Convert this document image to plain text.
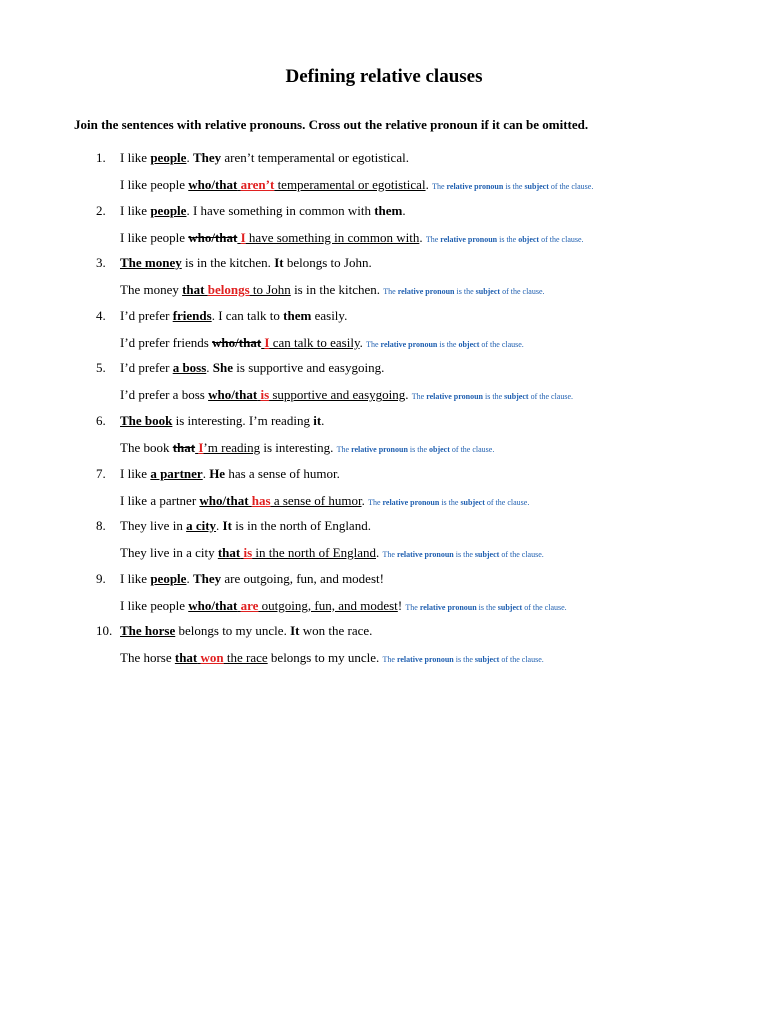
Defining relative clauses
Join the sentences with relative pronouns. Cross out the relative pronoun if it can be omitted.
1. I like people. They aren’t temperamental or egotistical.
I like people who/that aren’t temperamental or egotistical. The relative pronoun is the subject of the clause.
2. I like people. I have something in common with them.
I like people who/that I have something in common with. The relative pronoun is the object of the clause.
3. The money is in the kitchen. It belongs to John.
The money that belongs to John is in the kitchen. The relative pronoun is the subject of the clause.
4. I’d prefer friends. I can talk to them easily.
I’d prefer friends who/that I can talk to easily. The relative pronoun is the object of the clause.
5. I’d prefer a boss. She is supportive and easygoing.
I’d prefer a boss who/that is supportive and easygoing. The relative pronoun is the subject of the clause.
6. The book is interesting. I’m reading it.
The book that I’m reading is interesting. The relative pronoun is the object of the clause.
7. I like a partner. He has a sense of humor.
I like a partner who/that has a sense of humor. The relative pronoun is the subject of the clause.
8. They live in a city. It is in the north of England.
They live in a city that is in the north of England. The relative pronoun is the subject of the clause.
9. I like people. They are outgoing, fun, and modest!
I like people who/that are outgoing, fun, and modest! The relative pronoun is the subject of the clause.
10. The horse belongs to my uncle. It won the race.
The horse that won the race belongs to my uncle. The relative pronoun is the subject of the clause.
